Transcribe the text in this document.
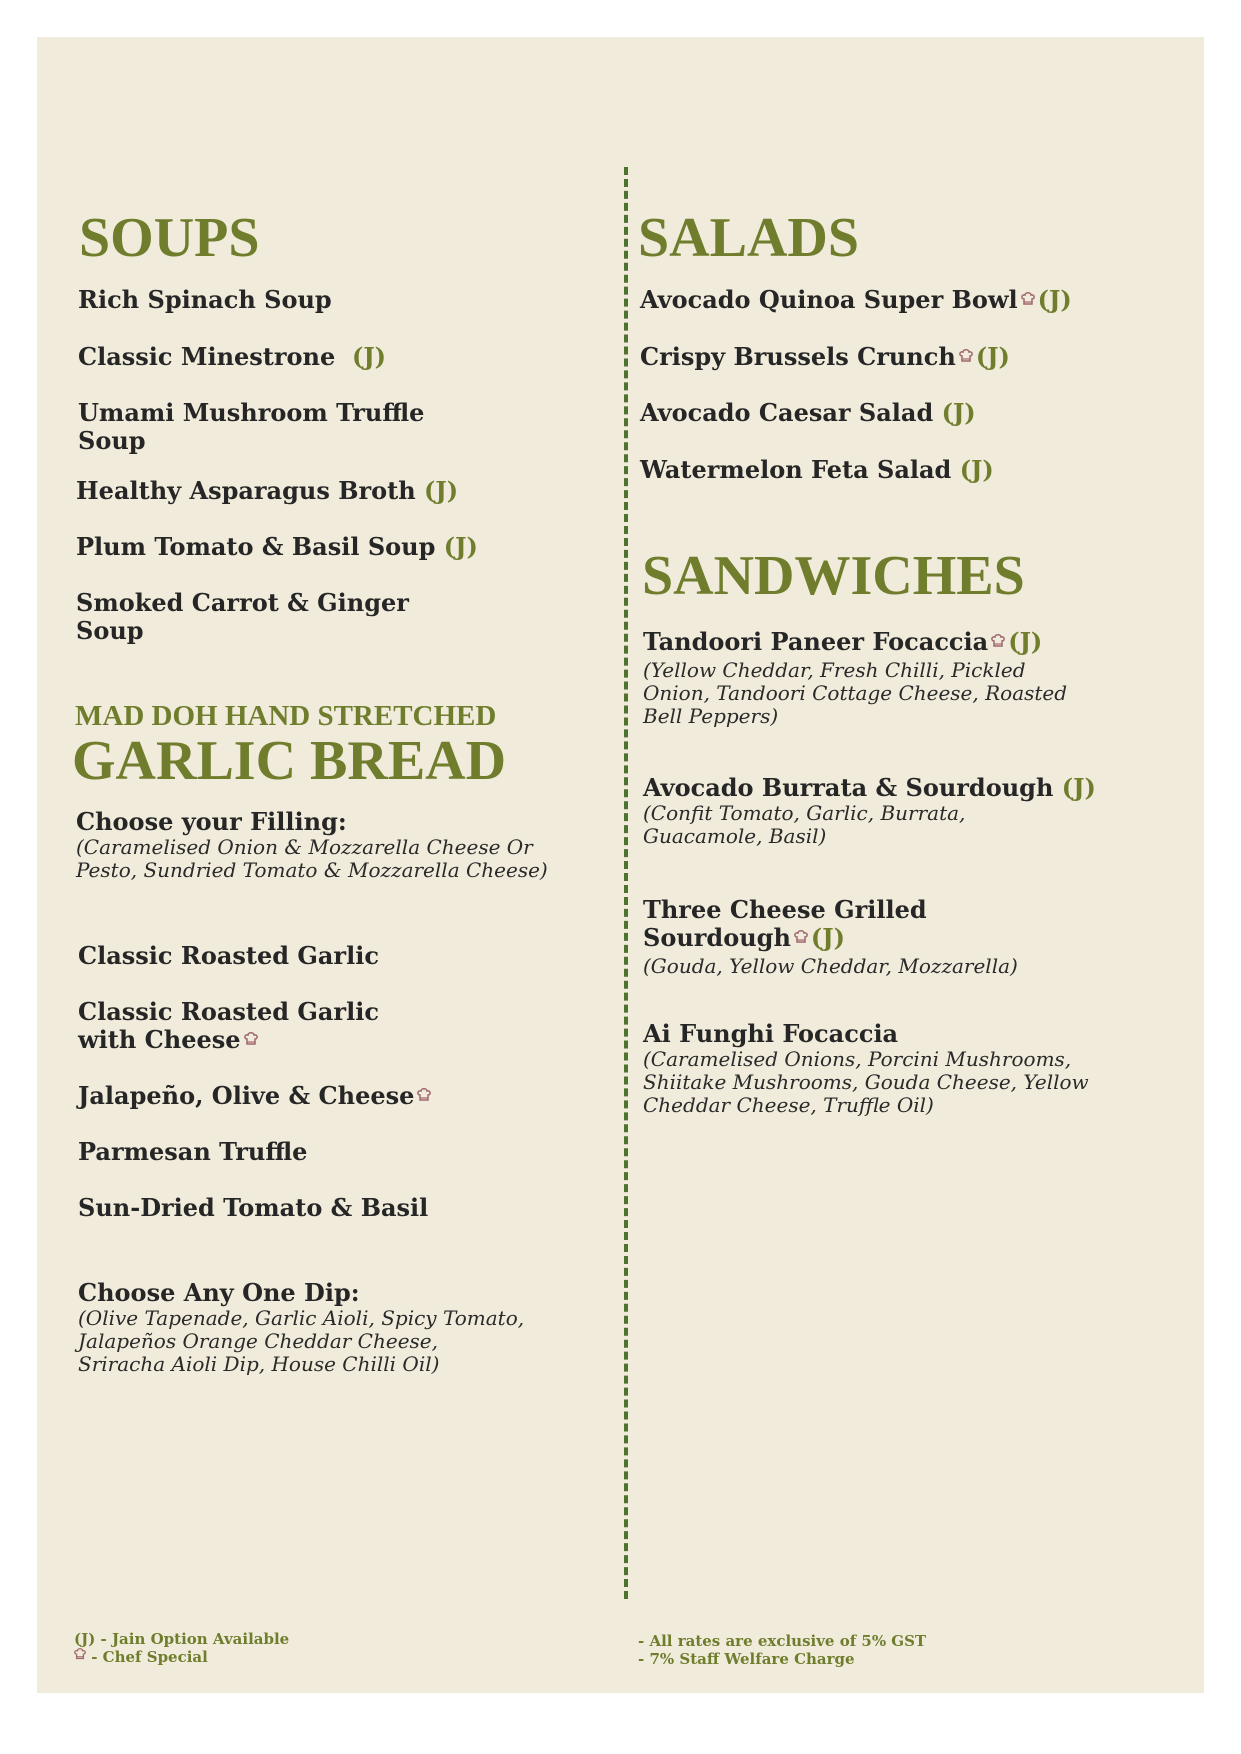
SOUPS
Rich Spinach Soup
Classic Minestrone (J)
Umami Mushroom Truffle
Soup
Healthy Asparagus Broth (J)
Plum Tomato & Basil Soup (J)
Smoked Carrot & Ginger
Soup
MAD DOH HAND STRETCHED
GARLIC BREAD
Choose your Filling:
(Caramelised Onion & Mozzarella Cheese Or
Pesto, Sundried Tomato & Mozzarella Cheese)
Classic Roasted Garlic
Classic Roasted Garlic
with Cheese
Jalapeño, Olive & Cheese
Parmesan Truffle
Sun-Dried Tomato & Basil
Choose Any One Dip:
(Olive Tapenade, Garlic Aioli, Spicy Tomato,
Jalapeños Orange Cheddar Cheese,
Sriracha Aioli Dip, House Chilli Oil)
SALADS
Avocado Quinoa Super Bowl (J)
Crispy Brussels Crunch (J)
Avocado Caesar Salad (J)
Watermelon Feta Salad (J)
SANDWICHES
Tandoori Paneer Focaccia (J)
(Yellow Cheddar, Fresh Chilli, Pickled
Onion, Tandoori Cottage Cheese, Roasted
Bell Peppers)
Avocado Burrata & Sourdough (J)
(Confit Tomato, Garlic, Burrata,
Guacamole, Basil)
Three Cheese Grilled
Sourdough (J)
(Gouda, Yellow Cheddar, Mozzarella)
Ai Funghi Focaccia
(Caramelised Onions, Porcini Mushrooms,
Shiitake Mushrooms, Gouda Cheese, Yellow
Cheddar Cheese, Truffle Oil)
(J) - Jain Option Available
- Chef Special
- All rates are exclusive of 5% GST
- 7% Staff Welfare Charge
